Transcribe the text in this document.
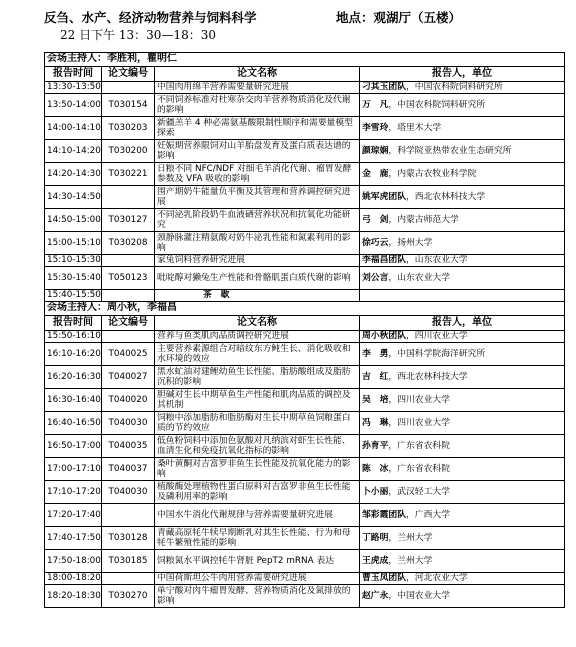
反刍、水产、经济动物营养与饲料科学	地点：观湖厅（五楼）
22 日下午 13：30—18：30
会场主持人：李胜利，瞿明仁			
报告时间	论文编号	论文名称	报告人，单位
13:30-13:50		中国肉用绵羊营养需要量研究进展	刁其玉团队，中国农科院饲料研究所
13:50-14:00	T030154	不同饲养标准对杜寒杂交肉羊营养物质消化及代谢的影响	万　凡，中国农科院饲料研究所
14:00-14:10	T030203	新疆羔羊 4 种必需氨基酸限制性顺序和需要量模型探索	李雪玲，塔里木大学
14:10-14:20	T030200	妊娠期营养限饲对山羊胎盘发育及蛋白质表达谱的影响	颜琼娴，科学院亚热带农业生态研究所
14:20-14:30	T030221	日粮不同 NFC/NDF 对细毛羊消化代谢、瘤胃发酵参数及 VFA 吸收的影响	金　鹿，内蒙古农牧业科学院
14:30-14:50		围产期奶牛能量负平衡及其管理和营养调控研究进展	姚军虎团队，西北农林科技大学
14:50-15:00	T030127	不同泌乳阶段奶牛血液硒营养状况和抗氧化功能研究	弓　剑，内蒙古师范大学
15:00-15:10	T030208	颈静脉灌注精氨酸对奶牛泌乳性能和氮素利用的影响	徐巧云，扬州大学
15:10-15:30		家兔饲料营养研究进展	李福昌团队，山东农业大学
15:30-15:40	T050123	吡啶醇对獭兔生产性能和骨骼肌蛋白质代谢的影响	刘公言，山东农业大学
15:40-15:50		茶　歇	
会场主持人：周小秋，李福昌			
报告时间	论文编号	论文名称	报告人，单位
15:50-16:10		营养与鱼类肌肉品质调控研究进展	周小秋团队，四川农业大学
16:10-16:20	T040025	主要营养素源组合对暗纹东方鲀生长、消化吸收和水环境的效应	李　勇，中国科学院海洋研究所
16:20-16:30	T040027	黑水虻油对建鲤幼鱼生长性能、脂肪酸组成及脂肪沉积的影响	吉　红，西北农林科技大学
16:30-16:40	T040020	胆碱对生长中期草鱼生产性能和肌肉品质的调控及其机制	吴　培，四川农业大学
16:40-16:50	T040030	饲粮中添加脂肪和脂肪酶对生长中期草鱼饲粮蛋白质的节约效应	冯　琳，四川农业大学
16:50-17:00	T040035	低鱼粉饲料中添加色氨酸对凡纳滨对虾生长性能、血清生化和免疫抗氧化指标的影响	孙育平，广东省农科院
17:00-17:10	T040037	桑叶黄酮对吉富罗非鱼生长性能及抗氧化能力的影响	陈　冰，广东省农科院
17:10-17:20	T040030	植酸酶处理植物性蛋白原料对吉富罗非鱼生长性能及磷利用率的影响	卜小丽，武汉轻工大学
17:20-17:40		中国水牛消化代谢规律与营养需要量研究进展	邹彩霞团队，广西大学
17:40-17:50	T030128	青藏高原牦牛犊早期断乳对其生长性能、行为和母牦牛繁殖性能的影响	丁路明，兰州大学
17:50-18:00	T030185	饲粮氮水平调控牦牛肾脏 PepT2 mRNA 表达	王虎成，兰州大学
18:00-18:20		中国荷斯坦公牛肉用营养需要研究进展	曹玉凤团队，河北农业大学
18:20-18:30	T030270	单宁酸对肉牛瘤胃发酵、营养物质消化及氮排放的影响	赵广永，中国农业大学
